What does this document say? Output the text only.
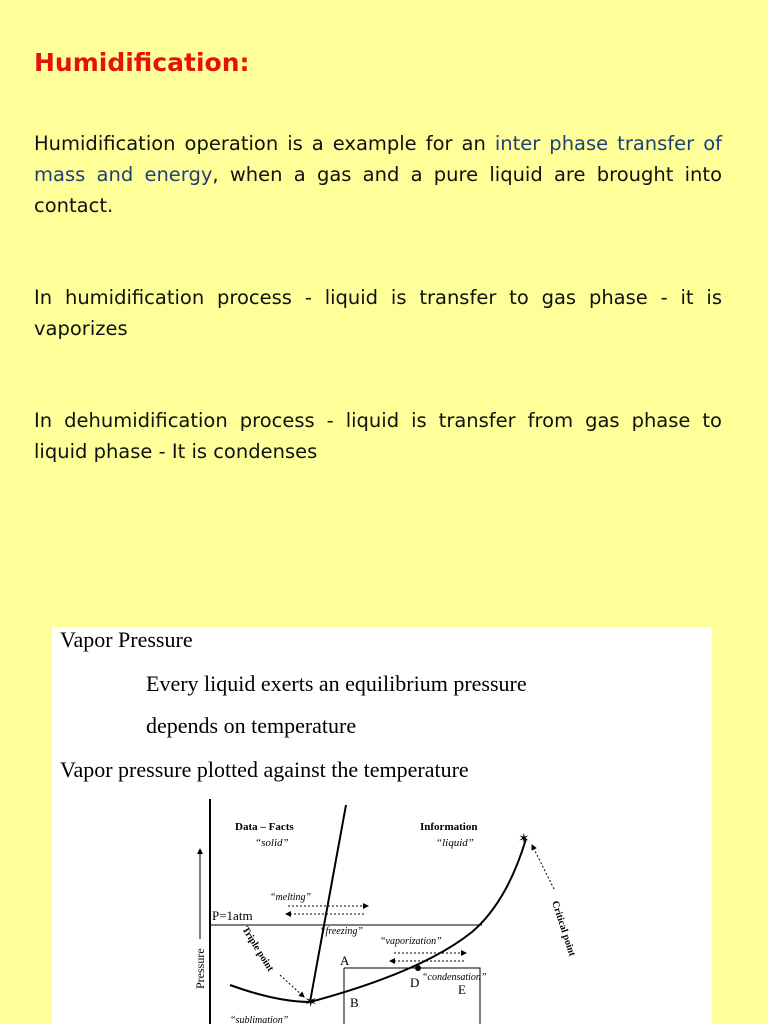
Humidification:
Humidification operation is a example for an inter phase transfer of mass and energy, when a gas and a pure liquid are brought into contact.
In humidification process - liquid is transfer to gas phase - it is vaporizes
In dehumidification process - liquid is transfer from gas phase to liquid phase - It is condenses
Vapor Pressure
Every liquid exerts an equilibrium pressure
depends on temperature
Vapor pressure plotted against the temperature
Pressure
P=1atm
✶
✶
Data – Facts
“solid”
Information
“liquid”
“melting”
“freezing”
“vaporization”
“condensation”
A
B
D	E
“sublimation”
Triple point	Critical point
